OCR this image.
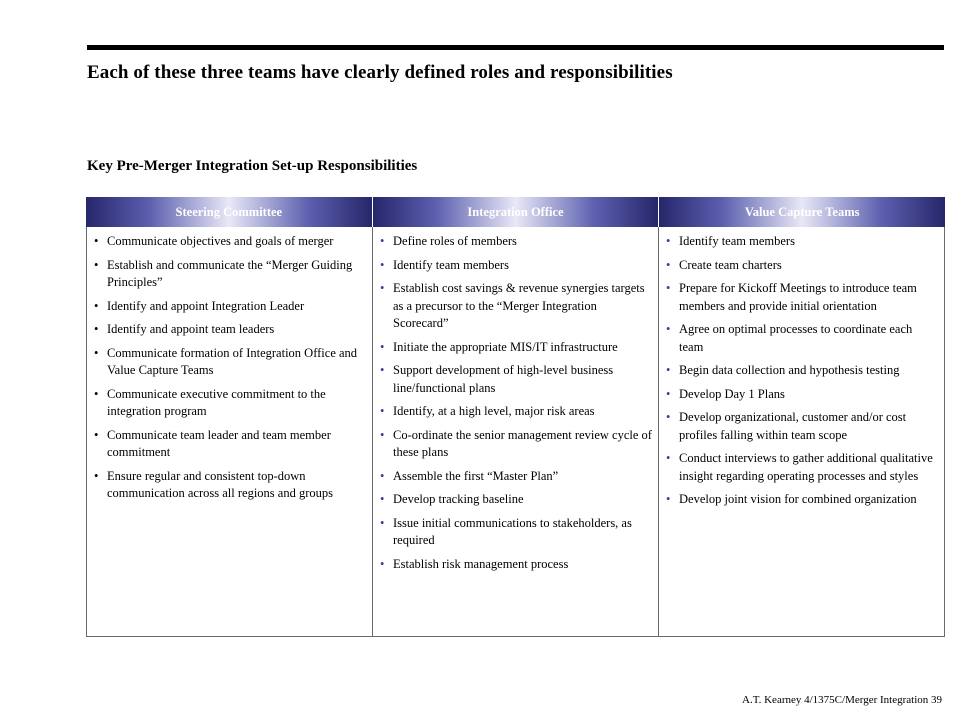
Each of these three teams have clearly defined roles and responsibilities
Key Pre-Merger Integration Set-up Responsibilities
Steering Committee	Integration Office	Value Capture Teams
• Communicate objectives and goals of merger
• Establish and communicate the “Merger Guiding Principles”
• Identify and appoint Integration Leader
• Identify and appoint team leaders
• Communicate formation of Integration Office and Value Capture Teams
• Communicate executive commitment to the integration program
• Communicate team leader and team member commitment
• Ensure regular and consistent top-down communication across all regions and groups
• Define roles of members
• Identify team members
• Establish cost savings & revenue synergies targets as a precursor to the “Merger Integration Scorecard”
• Initiate the appropriate MIS/IT infrastructure
• Support development of high-level business line/functional plans
• Identify, at a high level, major risk areas
• Co-ordinate the senior management review cycle of these plans
• Assemble the first “Master Plan”
• Develop tracking baseline
• Issue initial communications to stakeholders, as required
• Establish risk management process
• Identify team members
• Create team charters
• Prepare for Kickoff Meetings to introduce team members and provide initial orientation
• Agree on optimal processes to coordinate each team
• Begin data collection and hypothesis testing
• Develop Day 1 Plans
• Develop organizational, customer and/or cost profiles falling within team scope
• Conduct interviews to gather additional qualitative insight regarding operating processes and styles
• Develop joint vision for combined organization
A.T. Kearney 4/1375C/Merger Integration 39
